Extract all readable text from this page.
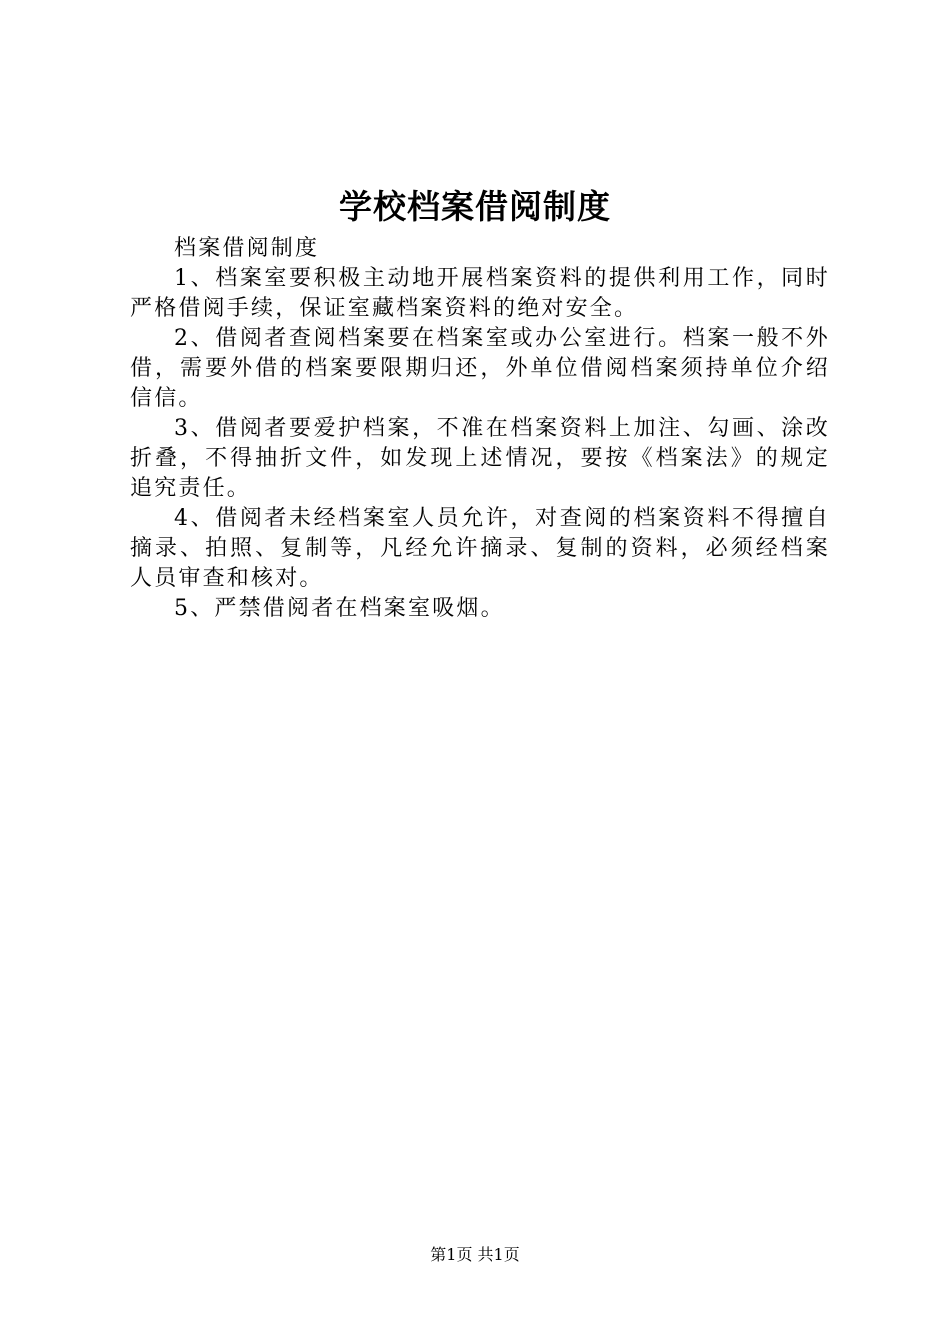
学校档案借阅制度

档案借阅制度

1、档案室要积极主动地开展档案资料的提供利用工作，同时严格借阅手续，保证室藏档案资料的绝对安全。

2、借阅者查阅档案要在档案室或办公室进行。档案一般不外借，需要外借的档案要限期归还，外单位借阅档案须持单位介绍信信。

3、借阅者要爱护档案，不准在档案资料上加注、勾画、涂改折叠，不得抽折文件，如发现上述情况，要按《档案法》的规定追究责任。

4、借阅者未经档案室人员允许，对查阅的档案资料不得擅自摘录、拍照、复制等，凡经允许摘录、复制的资料，必须经档案人员审查和核对。

5、严禁借阅者在档案室吸烟。

第1页 共1页
